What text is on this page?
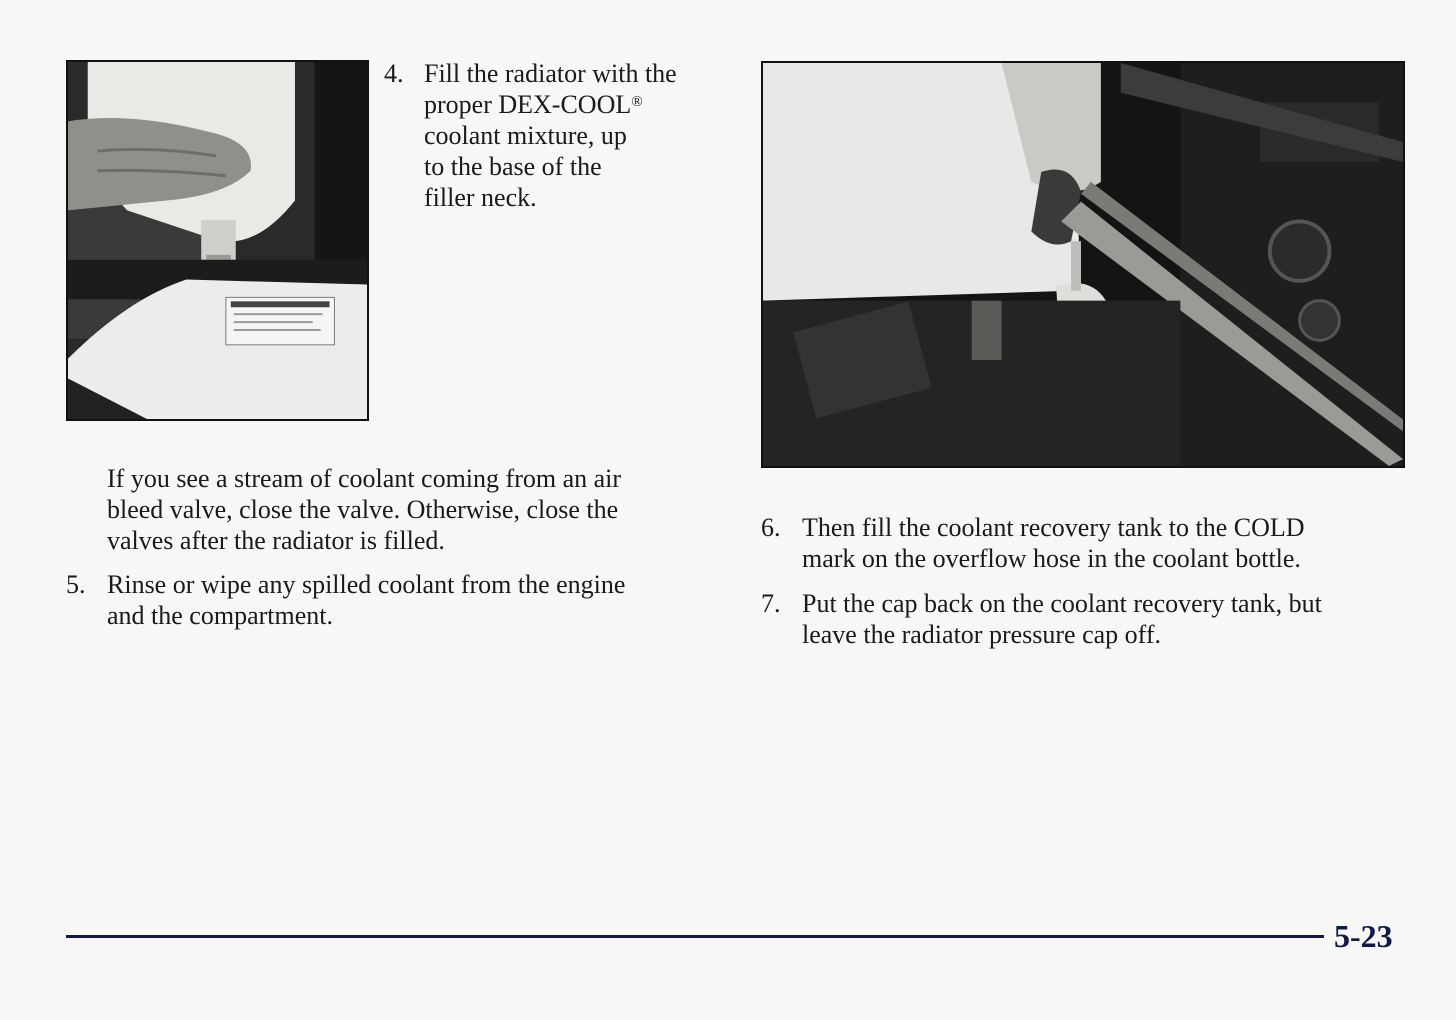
4. Fill the radiator with the
proper DEX-COOL®
coolant mixture, up
to the base of the
filler neck.
If you see a stream of coolant coming from an air
bleed valve, close the valve. Otherwise, close the
valves after the radiator is filled.
5. Rinse or wipe any spilled coolant from the engine
and the compartment.
6. Then fill the coolant recovery tank to the COLD
mark on the overflow hose in the coolant bottle.
7. Put the cap back on the coolant recovery tank, but
leave the radiator pressure cap off.
5-23
